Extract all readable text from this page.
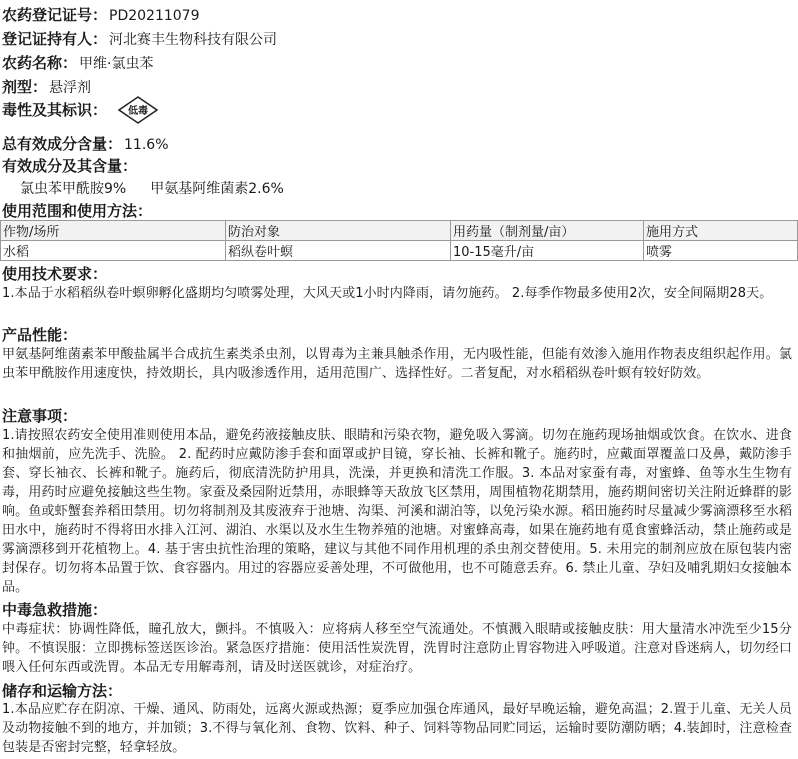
农药登记证号： PD20211079
登记证持有人： 河北赛丰生物科技有限公司
农药名称： 甲维·氯虫苯
剂型： 悬浮剂
毒性及其标识：	低毒
总有效成分含量： 11.6%
有效成分及其含量：
氯虫苯甲酰胺9% 甲氨基阿维菌素2.6%
使用范围和使用方法：
作物/场所	防治对象	用药量（制剂量/亩）	施用方式
水稻	稻纵卷叶螟	10-15毫升/亩	喷雾
使用技术要求：
1.本品于水稻稻纵卷叶螟卵孵化盛期均匀喷雾处理，大风天或1小时内降雨，请勿施药。 2.每季作物最多使用2次，安全间隔期28天。
产品性能：
甲氨基阿维菌素苯甲酸盐属半合成抗生素类杀虫剂，以胃毒为主兼具触杀作用，无内吸性能，但能有效渗入施用作物表皮组织起作用。氯虫苯甲酰胺作用速度快，持效期长，具内吸渗透作用，适用范围广、选择性好。二者复配，对水稻稻纵卷叶螟有较好防效。
注意事项：
1.请按照农药安全使用准则使用本品，避免药液接触皮肤、眼睛和污染衣物，避免吸入雾滴。切勿在施药现场抽烟或饮食。在饮水、进食和抽烟前，应先洗手、洗脸。 2. 配药时应戴防渗手套和面罩或护目镜，穿长袖、长裤和靴子。施药时，应戴面罩覆盖口及鼻，戴防渗手套、穿长袖衣、长裤和靴子。施药后，彻底清洗防护用具，洗澡，并更换和清洗工作服。3. 本品对家蚕有毒，对蜜蜂、鱼等水生生物有毒，用药时应避免接触这些生物。家蚕及桑园附近禁用，赤眼蜂等天敌放飞区禁用，周围植物花期禁用，施药期间密切关注附近蜂群的影响。鱼或虾蟹套养稻田禁用。切勿将制剂及其废液弃于池塘、沟渠、河溪和湖泊等，以免污染水源。稻田施药时尽量减少雾滴漂移至水稻田水中，施药时不得将田水排入江河、湖泊、水渠以及水生生物养殖的池塘。对蜜蜂高毒，如果在施药地有觅食蜜蜂活动，禁止施药或是雾滴漂移到开花植物上。4. 基于害虫抗性治理的策略，建议与其他不同作用机理的杀虫剂交替使用。5. 未用完的制剂应放在原包装内密封保存。切勿将本品置于饮、食容器内。用过的容器应妥善处理，不可做他用，也不可随意丢弃。6. 禁止儿童、孕妇及哺乳期妇女接触本品。
中毒急救措施：
中毒症状：协调性降低，瞳孔放大，颤抖。不慎吸入：应将病人移至空气流通处。不慎溅入眼睛或接触皮肤：用大量清水冲洗至少15分钟。不慎误服：立即携标签送医诊治。紧急医疗措施：使用活性炭洗胃，洗胃时注意防止胃容物进入呼吸道。注意对昏迷病人，切勿经口喂入任何东西或洗胃。本品无专用解毒剂，请及时送医就诊，对症治疗。
储存和运输方法：
1.本品应贮存在阴凉、干燥、通风、防雨处，远离火源或热源；夏季应加强仓库通风，最好早晚运输，避免高温；2.置于儿童、无关人员及动物接触不到的地方，并加锁；3.不得与氧化剂、食物、饮料、种子、饲料等物品同贮同运，运输时要防潮防晒；4.装卸时，注意检查包装是否密封完整，轻拿轻放。
